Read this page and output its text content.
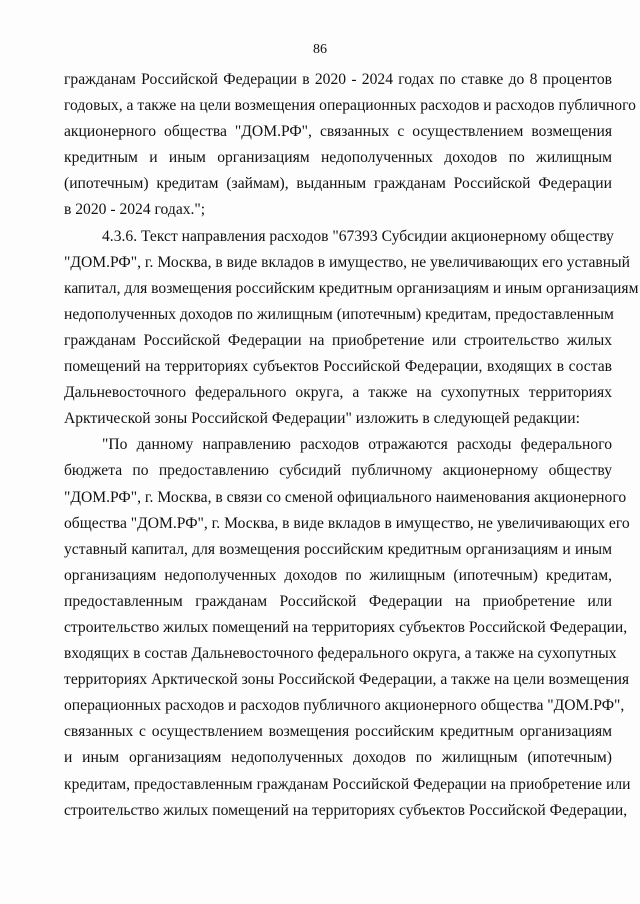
86
гражданам Российской Федерации в 2020 - 2024 годах по ставке до 8 процентов
годовых, а также на цели возмещения операционных расходов и расходов публичного
акционерного общества "ДОМ.РФ", связанных с осуществлением возмещения
кредитным и иным организациям недополученных доходов по жилищным
(ипотечным) кредитам (займам), выданным гражданам Российской Федерации
в 2020 - 2024 годах.";
4.3.6. Текст направления расходов "67393 Субсидии акционерному обществу
"ДОМ.РФ", г. Москва, в виде вкладов в имущество, не увеличивающих его уставный
капитал, для возмещения российским кредитным организациям и иным организациям
недополученных доходов по жилищным (ипотечным) кредитам, предоставленным
гражданам Российской Федерации на приобретение или строительство жилых
помещений на территориях субъектов Российской Федерации, входящих в состав
Дальневосточного федерального округа, а также на сухопутных территориях
Арктической зоны Российской Федерации" изложить в следующей редакции:
"По данному направлению расходов отражаются расходы федерального
бюджета по предоставлению субсидий публичному акционерному обществу
"ДОМ.РФ", г. Москва, в связи со сменой официального наименования акционерного
общества "ДОМ.РФ", г. Москва, в виде вкладов в имущество, не увеличивающих его
уставный капитал, для возмещения российским кредитным организациям и иным
организациям недополученных доходов по жилищным (ипотечным) кредитам,
предоставленным гражданам Российской Федерации на приобретение или
строительство жилых помещений на территориях субъектов Российской Федерации,
входящих в состав Дальневосточного федерального округа, а также на сухопутных
территориях Арктической зоны Российской Федерации, а также на цели возмещения
операционных расходов и расходов публичного акционерного общества "ДОМ.РФ",
связанных с осуществлением возмещения российским кредитным организациям
и иным организациям недополученных доходов по жилищным (ипотечным)
кредитам, предоставленным гражданам Российской Федерации на приобретение или
строительство жилых помещений на территориях субъектов Российской Федерации,
